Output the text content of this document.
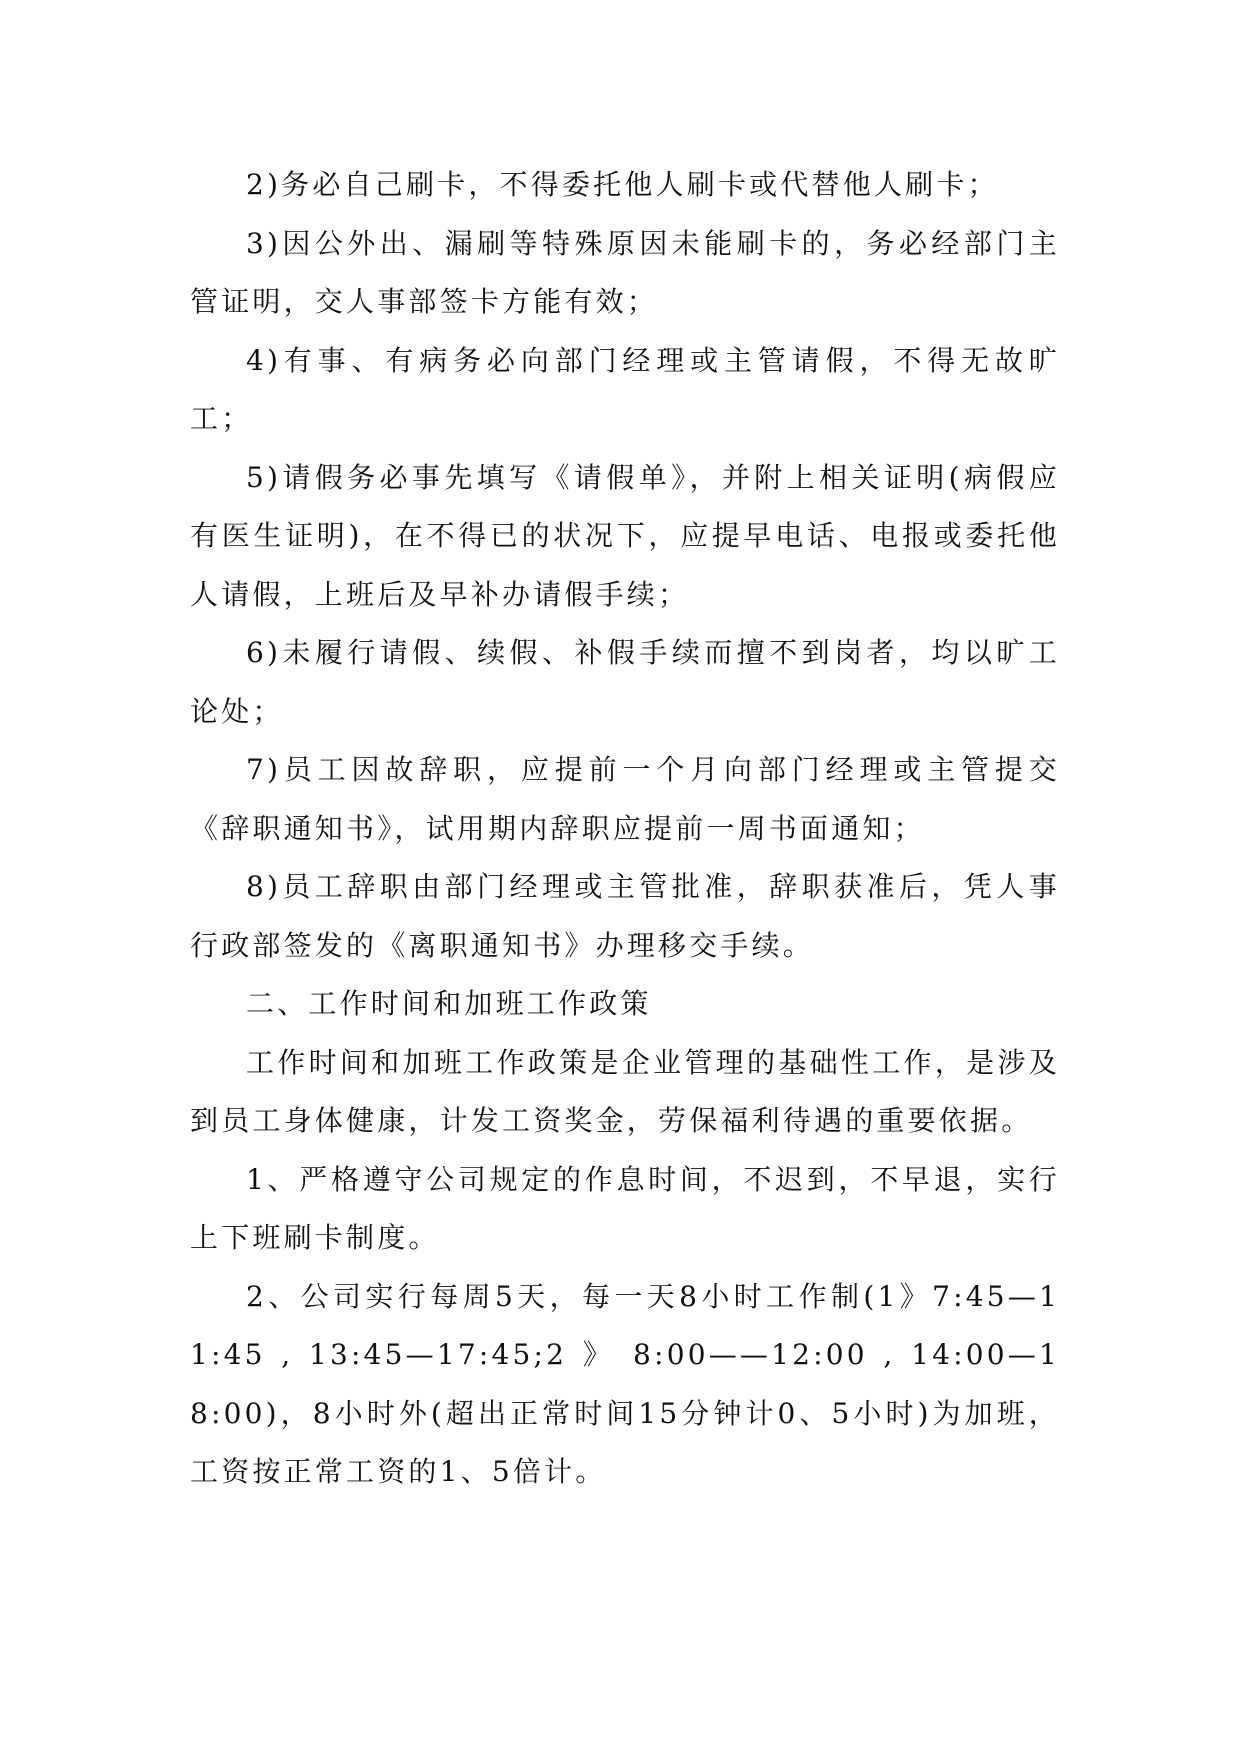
2)务必自己刷卡，不得委托他人刷卡或代替他人刷卡；

3)因公外出、漏刷等特殊原因未能刷卡的，务必经部门主管证明，交人事部签卡方能有效；

4)有事、有病务必向部门经理或主管请假，不得无故旷工；

5)请假务必事先填写《请假单》，并附上相关证明(病假应有医生证明)，在不得已的状况下，应提早电话、电报或委托他人请假，上班后及早补办请假手续；

6)未履行请假、续假、补假手续而擅不到岗者，均以旷工论处；

7)员工因故辞职，应提前一个月向部门经理或主管提交《辞职通知书》，试用期内辞职应提前一周书面通知；

8)员工辞职由部门经理或主管批准，辞职获准后，凭人事行政部签发的《离职通知书》办理移交手续。

二、工作时间和加班工作政策

工作时间和加班工作政策是企业管理的基础性工作，是涉及到员工身体健康，计发工资奖金，劳保福利待遇的重要依据。

1、严格遵守公司规定的作息时间，不迟到，不早退，实行上下班刷卡制度。

2、公司实行每周5天，每一天8小时工作制(1》7:45—11:45 , 13:45—17:45;2 》 8:00——12:00 , 14:00—18:00)，8小时外(超出正常时间15分钟计0、5小时)为加班，工资按正常工资的1、5倍计。
